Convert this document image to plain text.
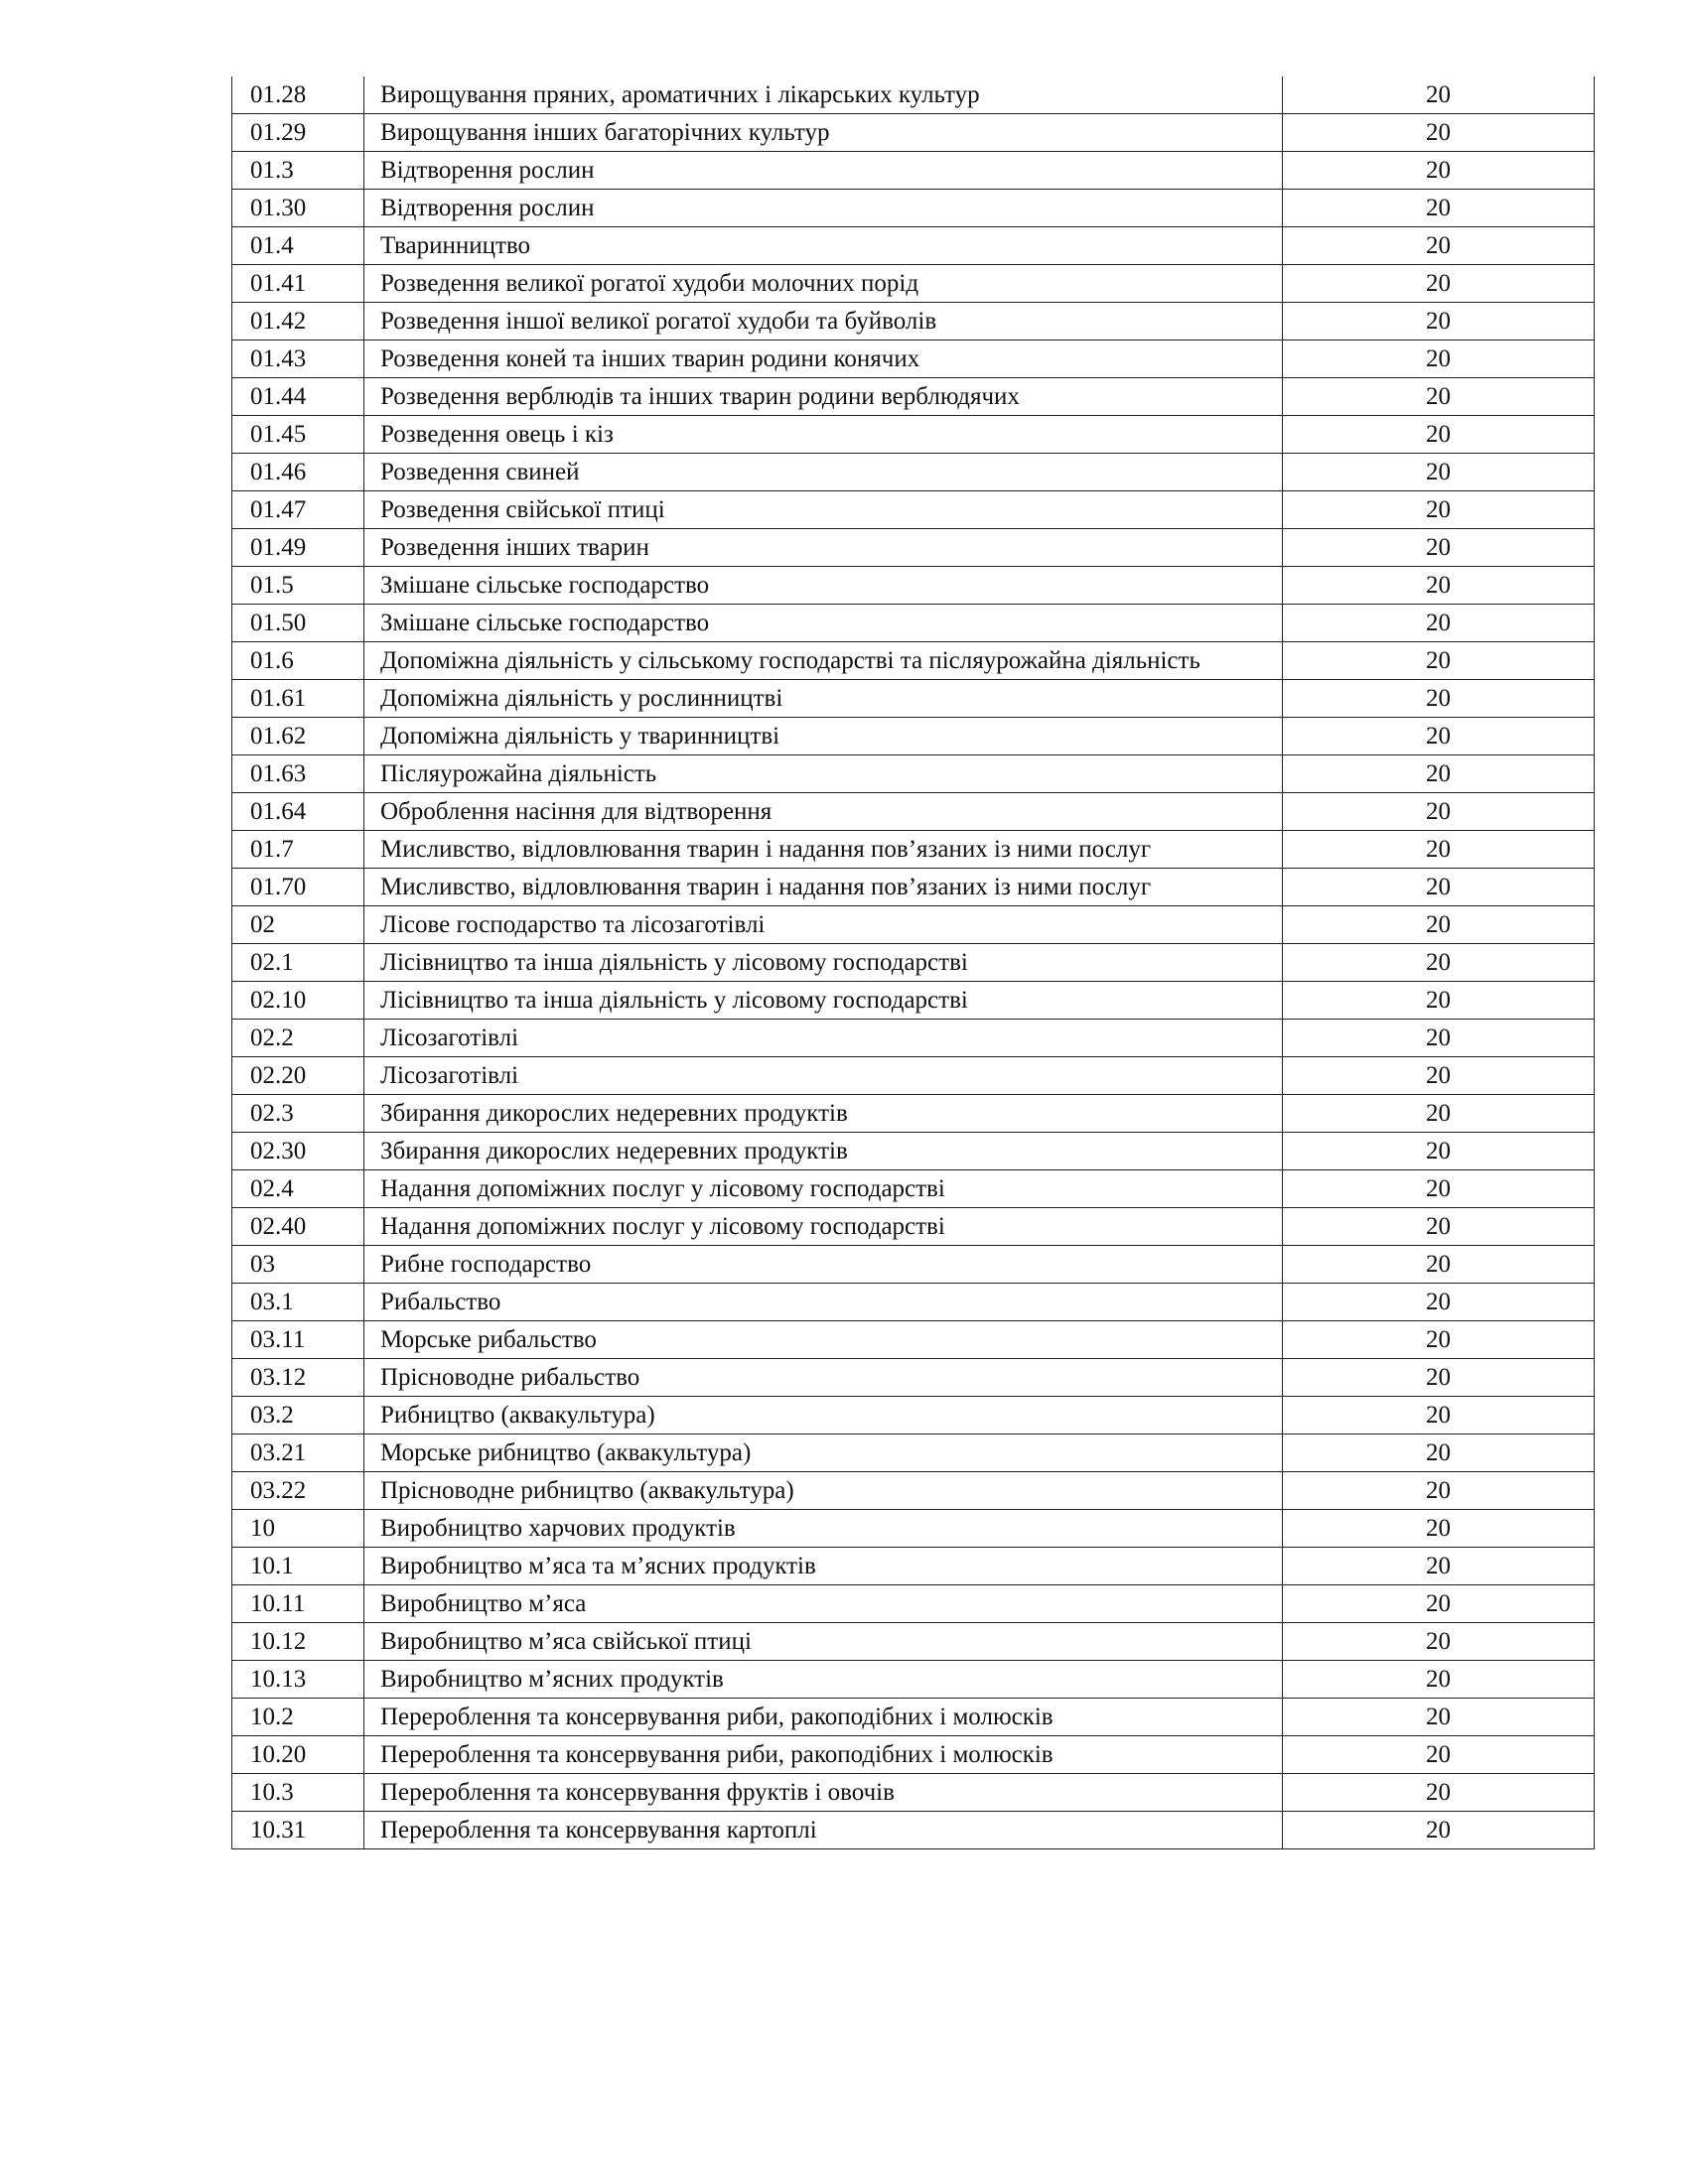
01.28	Вирощування пряних, ароматичних і лікарських культур	20
01.29	Вирощування інших багаторічних культур	20
01.3	Відтворення рослин	20
01.30	Відтворення рослин	20
01.4	Тваринництво	20
01.41	Розведення великої рогатої худоби молочних порід	20
01.42	Розведення іншої великої рогатої худоби та буйволів	20
01.43	Розведення коней та інших тварин родини конячих	20
01.44	Розведення верблюдів та інших тварин родини верблюдячих	20
01.45	Розведення овець і кіз	20
01.46	Розведення свиней	20
01.47	Розведення свійської птиці	20
01.49	Розведення інших тварин	20
01.5	Змішане сільське господарство	20
01.50	Змішане сільське господарство	20
01.6	Допоміжна діяльність у сільському господарстві та післяурожайна діяльність	20
01.61	Допоміжна діяльність у рослинництві	20
01.62	Допоміжна діяльність у тваринництві	20
01.63	Післяурожайна діяльність	20
01.64	Оброблення насіння для відтворення	20
01.7	Мисливство, відловлювання тварин і надання пов’язаних із ними послуг	20
01.70	Мисливство, відловлювання тварин і надання пов’язаних із ними послуг	20
02	Лісове господарство та лісозаготівлі	20
02.1	Лісівництво та інша діяльність у лісовому господарстві	20
02.10	Лісівництво та інша діяльність у лісовому господарстві	20
02.2	Лісозаготівлі	20
02.20	Лісозаготівлі	20
02.3	Збирання дикорослих недеревних продуктів	20
02.30	Збирання дикорослих недеревних продуктів	20
02.4	Надання допоміжних послуг у лісовому господарстві	20
02.40	Надання допоміжних послуг у лісовому господарстві	20
03	Рибне господарство	20
03.1	Рибальство	20
03.11	Морське рибальство	20
03.12	Прісноводне рибальство	20
03.2	Рибництво (аквакультура)	20
03.21	Морське рибництво (аквакультура)	20
03.22	Прісноводне рибництво (аквакультура)	20
10	Виробництво харчових продуктів	20
10.1	Виробництво м’яса та м’ясних продуктів	20
10.11	Виробництво м’яса	20
10.12	Виробництво м’яса свійської птиці	20
10.13	Виробництво м’ясних продуктів	20
10.2	Перероблення та консервування риби, ракоподібних і молюсків	20
10.20	Перероблення та консервування риби, ракоподібних і молюсків	20
10.3	Перероблення та консервування фруктів і овочів	20
10.31	Перероблення та консервування картоплі	20
